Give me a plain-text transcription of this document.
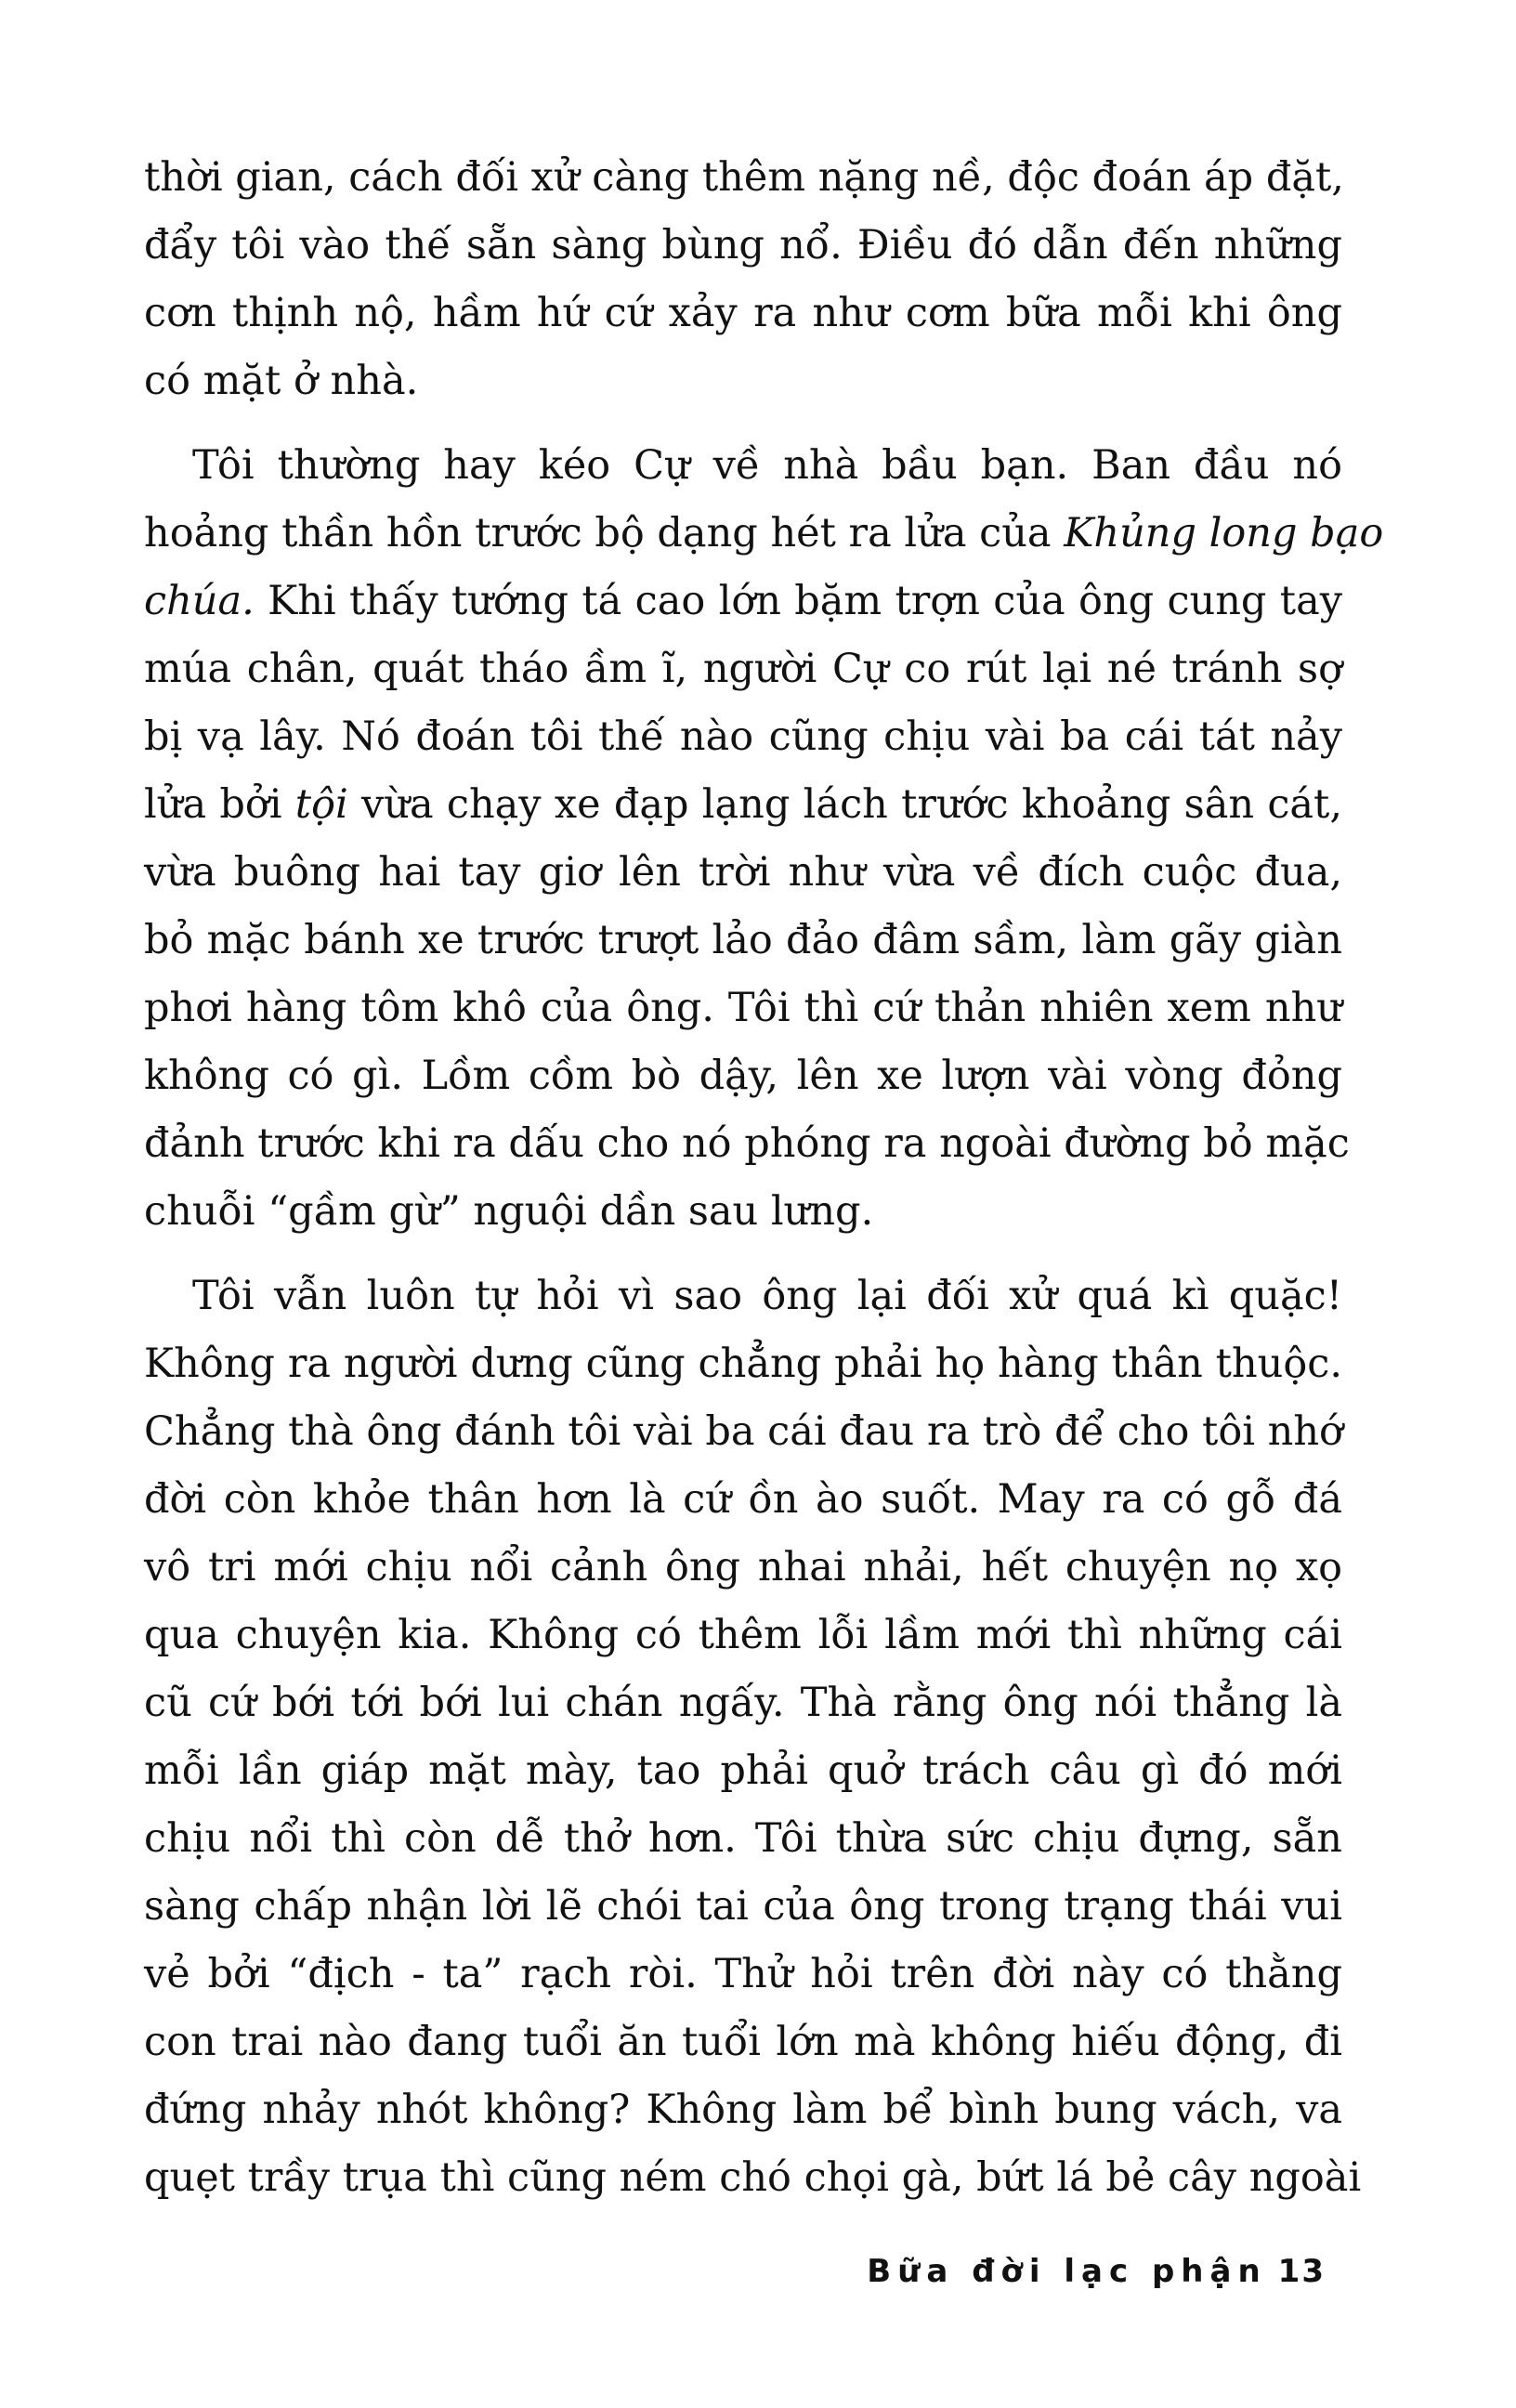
thời gian, cách đối xử càng thêm nặng nề, độc đoán áp đặt,
đẩy tôi vào thế sẵn sàng bùng nổ. Điều đó dẫn đến những
cơn thịnh nộ, hầm hứ cứ xảy ra như cơm bữa mỗi khi ông
có mặt ở nhà.

Tôi thường hay kéo Cự về nhà bầu bạn. Ban đầu nó
hoảng thần hồn trước bộ dạng hét ra lửa của Khủng long bạo
chúa. Khi thấy tướng tá cao lớn bặm trợn của ông cung tay
múa chân, quát tháo ầm ĩ, người Cự co rút lại né tránh sợ
bị vạ lây. Nó đoán tôi thế nào cũng chịu vài ba cái tát nảy
lửa bởi tội vừa chạy xe đạp lạng lách trước khoảng sân cát,
vừa buông hai tay giơ lên trời như vừa về đích cuộc đua,
bỏ mặc bánh xe trước trượt lảo đảo đâm sầm, làm gãy giàn
phơi hàng tôm khô của ông. Tôi thì cứ thản nhiên xem như
không có gì. Lồm cồm bò dậy, lên xe lượn vài vòng đỏng
đảnh trước khi ra dấu cho nó phóng ra ngoài đường bỏ mặc
chuỗi “gầm gừ” nguội dần sau lưng.

Tôi vẫn luôn tự hỏi vì sao ông lại đối xử quá kì quặc!
Không ra người dưng cũng chẳng phải họ hàng thân thuộc.
Chẳng thà ông đánh tôi vài ba cái đau ra trò để cho tôi nhớ
đời còn khỏe thân hơn là cứ ồn ào suốt. May ra có gỗ đá
vô tri mới chịu nổi cảnh ông nhai nhải, hết chuyện nọ xọ
qua chuyện kia. Không có thêm lỗi lầm mới thì những cái
cũ cứ bới tới bới lui chán ngấy. Thà rằng ông nói thẳng là
mỗi lần giáp mặt mày, tao phải quở trách câu gì đó mới
chịu nổi thì còn dễ thở hơn. Tôi thừa sức chịu đựng, sẵn
sàng chấp nhận lời lẽ chói tai của ông trong trạng thái vui
vẻ bởi “địch - ta” rạch ròi. Thử hỏi trên đời này có thằng
con trai nào đang tuổi ăn tuổi lớn mà không hiếu động, đi
đứng nhảy nhót không? Không làm bể bình bung vách, va
quẹt trầy trụa thì cũng ném chó chọi gà, bứt lá bẻ cây ngoài

Bữa đời lạc phận 13
